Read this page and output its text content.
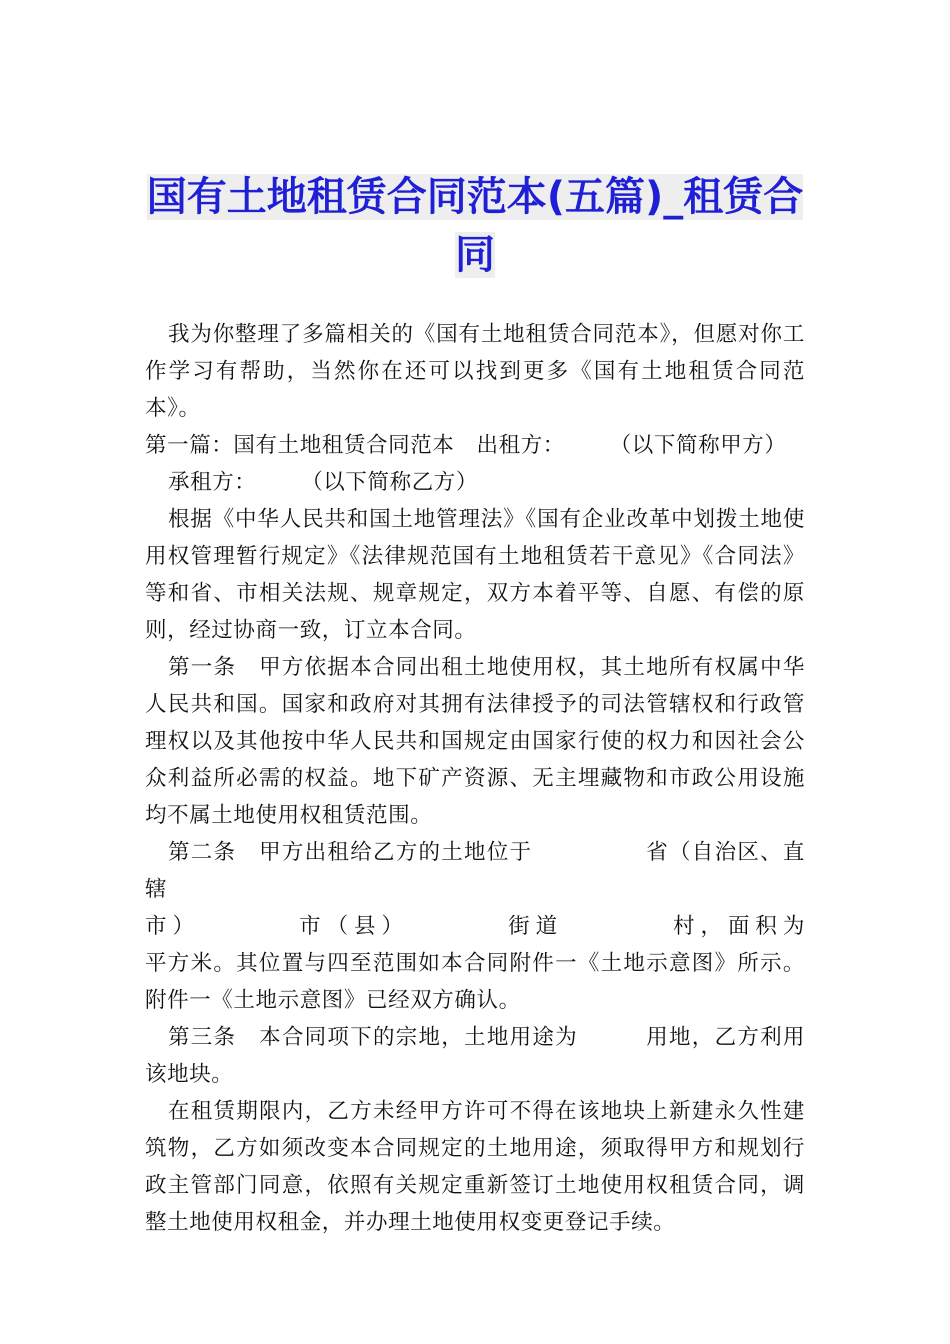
国有土地租赁合同范本(五篇)_租赁合
同

我为你整理了多篇相关的《国有土地租赁合同范本》，但愿对你工作学习有帮助，当然你在还可以找到更多《国有土地租赁合同范本》。

第一篇：国有土地租赁合同范本　出租方：　　　（以下简称甲方）

承租方：　　　（以下简称乙方）

根据《中华人民共和国土地管理法》《国有企业改革中划拨土地使用权管理暂行规定》《法律规范国有土地租赁若干意见》《合同法》等和省、市相关法规、规章规定，双方本着平等、自愿、有偿的原则，经过协商一致，订立本合同。

第一条　甲方依据本合同出租土地使用权，其土地所有权属中华人民共和国。国家和政府对其拥有法律授予的司法管辖权和行政管理权以及其他按中华人民共和国规定由国家行使的权力和因社会公众利益所必需的权益。地下矿产资源、无主埋藏物和市政公用设施均不属土地使用权租赁范围。

第二条　甲方出租给乙方的土地位于　　　　　省（自治区、直辖

市）　　　　市（县）　　　　街道　　　　村，面积为

平方米。其位置与四至范围如本合同附件一《土地示意图》所示。附件一《土地示意图》已经双方确认。

第三条　本合同项下的宗地，土地用途为　　　用地，乙方利用该地块。

在租赁期限内，乙方未经甲方许可不得在该地块上新建永久性建筑物，乙方如须改变本合同规定的土地用途，须取得甲方和规划行政主管部门同意，依照有关规定重新签订土地使用权租赁合同，调整土地使用权租金，并办理土地使用权变更登记手续。
